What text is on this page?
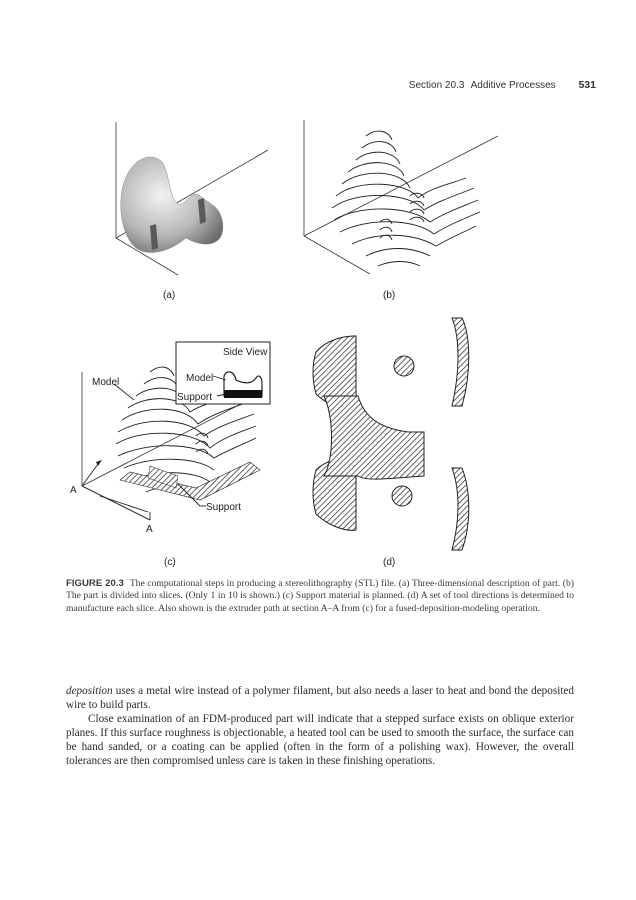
Section 20.3 Additive Processes 531
Side View
Model
Support
Model
Support
A
A
(a)	(b)
(c)	(d)
FIGURE 20.3 The computational steps in producing a stereolithography (STL) file. (a) Three-dimensional description of part. (b) The part is divided into slices. (Only 1 in 10 is shown.) (c) Support material is planned. (d) A set of tool directions is determined to manufacture each slice. Also shown is the extruder path at section A–A from (c) for a fused-deposition-modeling operation.

deposition uses a metal wire instead of a polymer filament, but also needs a laser to heat and bond the deposited wire to build parts.

Close examination of an FDM-produced part will indicate that a stepped surface exists on oblique exterior planes. If this surface roughness is objectionable, a heated tool can be used to smooth the surface, the surface can be hand sanded, or a coating can be applied (often in the form of a polishing wax). However, the overall tolerances are then compromised unless care is taken in these finishing operations.
